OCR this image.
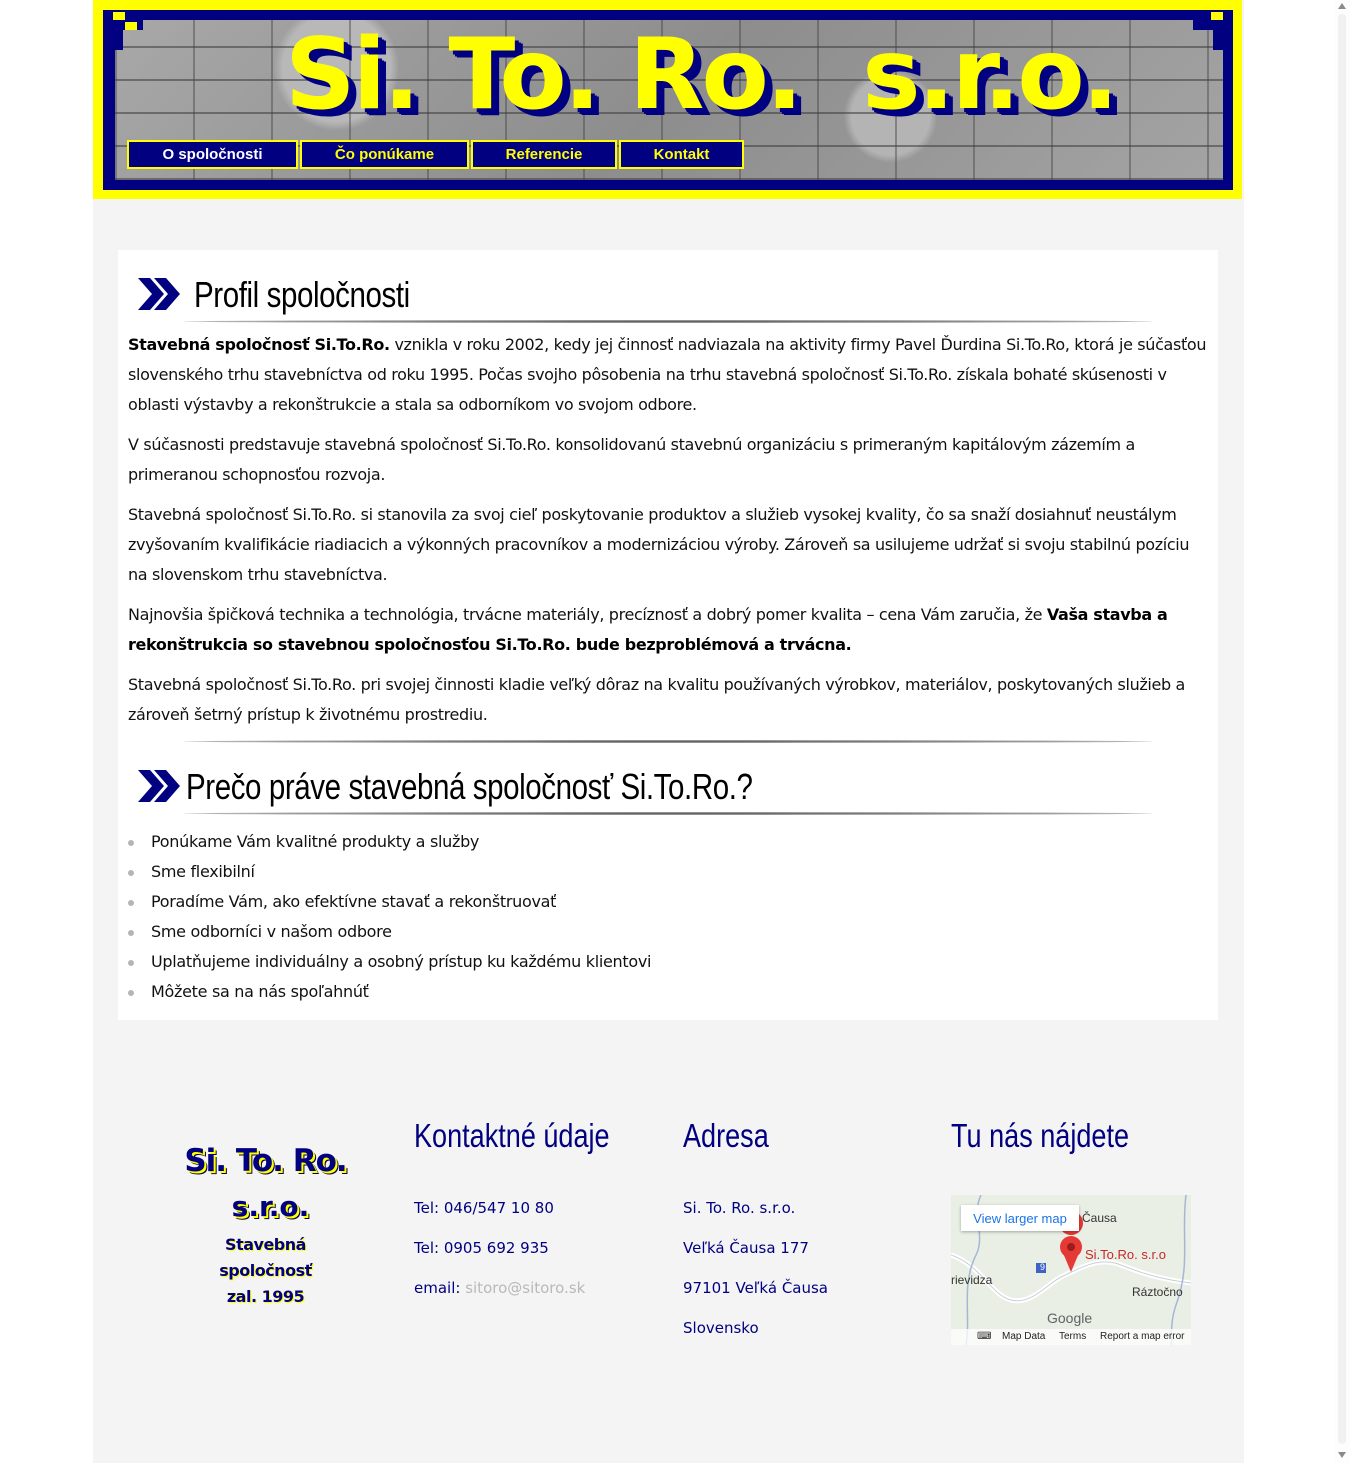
Si. To. Ro.  s.r.o.
O spoločnosti	Čo ponúkame	Referencie	Kontakt
Profil spoločnosti
Stavebná spoločnosť Si.To.Ro. vznikla v roku 2002, kedy jej činnosť nadviazala na aktivity firmy Pavel Ďurdina Si.To.Ro, ktorá je súčasťou slovenského trhu stavebníctva od roku 1995. Počas svojho pôsobenia na trhu stavebná spoločnosť Si.To.Ro. získala bohaté skúsenosti v oblasti výstavby a rekonštrukcie a stala sa odborníkom vo svojom odbore.
V súčasnosti predstavuje stavebná spoločnosť Si.To.Ro. konsolidovanú stavebnú organizáciu s primeraným kapitálovým zázemím a primeranou schopnosťou rozvoja.
Stavebná spoločnosť Si.To.Ro. si stanovila za svoj cieľ poskytovanie produktov a služieb vysokej kvality, čo sa snaží dosiahnuť neustálym zvyšovaním kvalifikácie riadiacich a výkonných pracovníkov a modernizáciou výroby. Zároveň sa usilujeme udržať si svoju stabilnú pozíciu na slovenskom trhu stavebníctva.
Najnovšia špičková technika a technológia, trvácne materiály, precíznosť a dobrý pomer kvalita – cena Vám zaručia, že Vaša stavba a rekonštrukcia so stavebnou spoločnosťou Si.To.Ro. bude bezproblémová a trvácna.
Stavebná spoločnosť Si.To.Ro. pri svojej činnosti kladie veľký dôraz na kvalitu používaných výrobkov, materiálov, poskytovaných služieb a zároveň šetrný prístup k životnému prostrediu.
Prečo práve stavebná spoločnosť Si.To.Ro.?
Ponúkame Vám kvalitné produkty a služby
Sme flexibilní
Poradíme Vám, ako efektívne stavať a rekonštruovať
Sme odborníci v našom odbore
Uplatňujeme individuálny a osobný prístup ku každému klientovi
Môžete sa na nás spoľahnúť
Si. To. Ro.
s.r.o.
Stavebná spoločnosť
zal. 1995
Kontaktné údaje
Tel: 046/547 10 80
Tel: 0905 692 935
email: sitoro@sitoro.sk
Adresa
Si. To. Ro. s.r.o.
Veľká Čausa 177
97101 Veľká Čausa
Slovensko
Tu nás nájdete
9
View larger map	Čausa
Si.To.Ro. s.r.o
rievidza
Ráztočno
Google
⌨ Map Data Terms Report a map error
